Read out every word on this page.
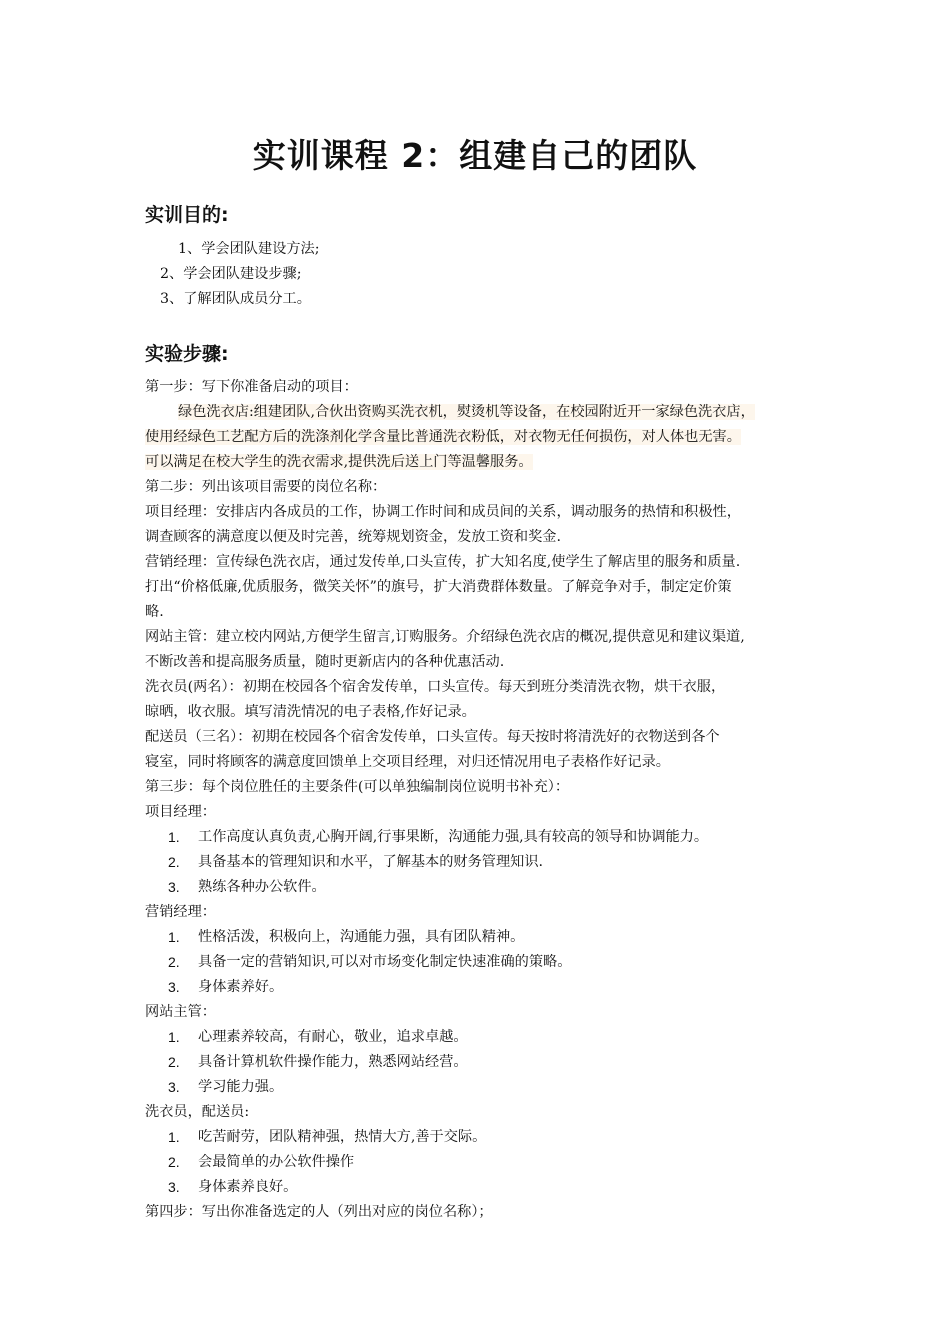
实训课程 2：组建自己的团队
实训目的:
1、学会团队建设方法;
2、学会团队建设步骤;
3、了解团队成员分工。
实验步骤:
第一步：写下你准备启动的项目：
绿色洗衣店:组建团队,合伙出资购买洗衣机，熨烫机等设备，在校园附近开一家绿色洗衣店，
使用经绿色工艺配方后的洗涤剂化学含量比普通洗衣粉低，对衣物无任何损伤，对人体也无害。
可以满足在校大学生的洗衣需求,提供洗后送上门等温馨服务。
第二步：列出该项目需要的岗位名称：
项目经理：安排店内各成员的工作，协调工作时间和成员间的关系，调动服务的热情和积极性，
调查顾客的满意度以便及时完善，统筹规划资金，发放工资和奖金.
营销经理：宣传绿色洗衣店，通过发传单,口头宣传，扩大知名度,使学生了解店里的服务和质量.
打出“价格低廉,优质服务，微笑关怀”的旗号，扩大消费群体数量。了解竞争对手，制定定价策
略.
网站主管：建立校内网站,方便学生留言,订购服务。介绍绿色洗衣店的概况,提供意见和建议渠道,
不断改善和提高服务质量，随时更新店内的各种优惠活动.
洗衣员(两名）：初期在校园各个宿舍发传单，口头宣传。每天到班分类清洗衣物，烘干衣服，
晾晒，收衣服。填写清洗情况的电子表格,作好记录。
配送员（三名）：初期在校园各个宿舍发传单，口头宣传。每天按时将清洗好的衣物送到各个
寝室，同时将顾客的满意度回馈单上交项目经理，对归还情况用电子表格作好记录。
第三步：每个岗位胜任的主要条件(可以单独编制岗位说明书补充）：
项目经理：
1. 工作高度认真负责,心胸开阔,行事果断，沟通能力强,具有较高的领导和协调能力。
2. 具备基本的管理知识和水平，了解基本的财务管理知识.
3. 熟练各种办公软件。
营销经理：
1. 性格活泼，积极向上，沟通能力强，具有团队精神。
2. 具备一定的营销知识,可以对市场变化制定快速准确的策略。
3. 身体素养好。
网站主管：
1. 心理素养较高，有耐心，敬业，追求卓越。
2. 具备计算机软件操作能力，熟悉网站经营。
3. 学习能力强。
洗衣员，配送员:
1. 吃苦耐劳，团队精神强，热情大方,善于交际。
2. 会最简单的办公软件操作
3. 身体素养良好。
第四步：写出你准备选定的人（列出对应的岗位名称）；
